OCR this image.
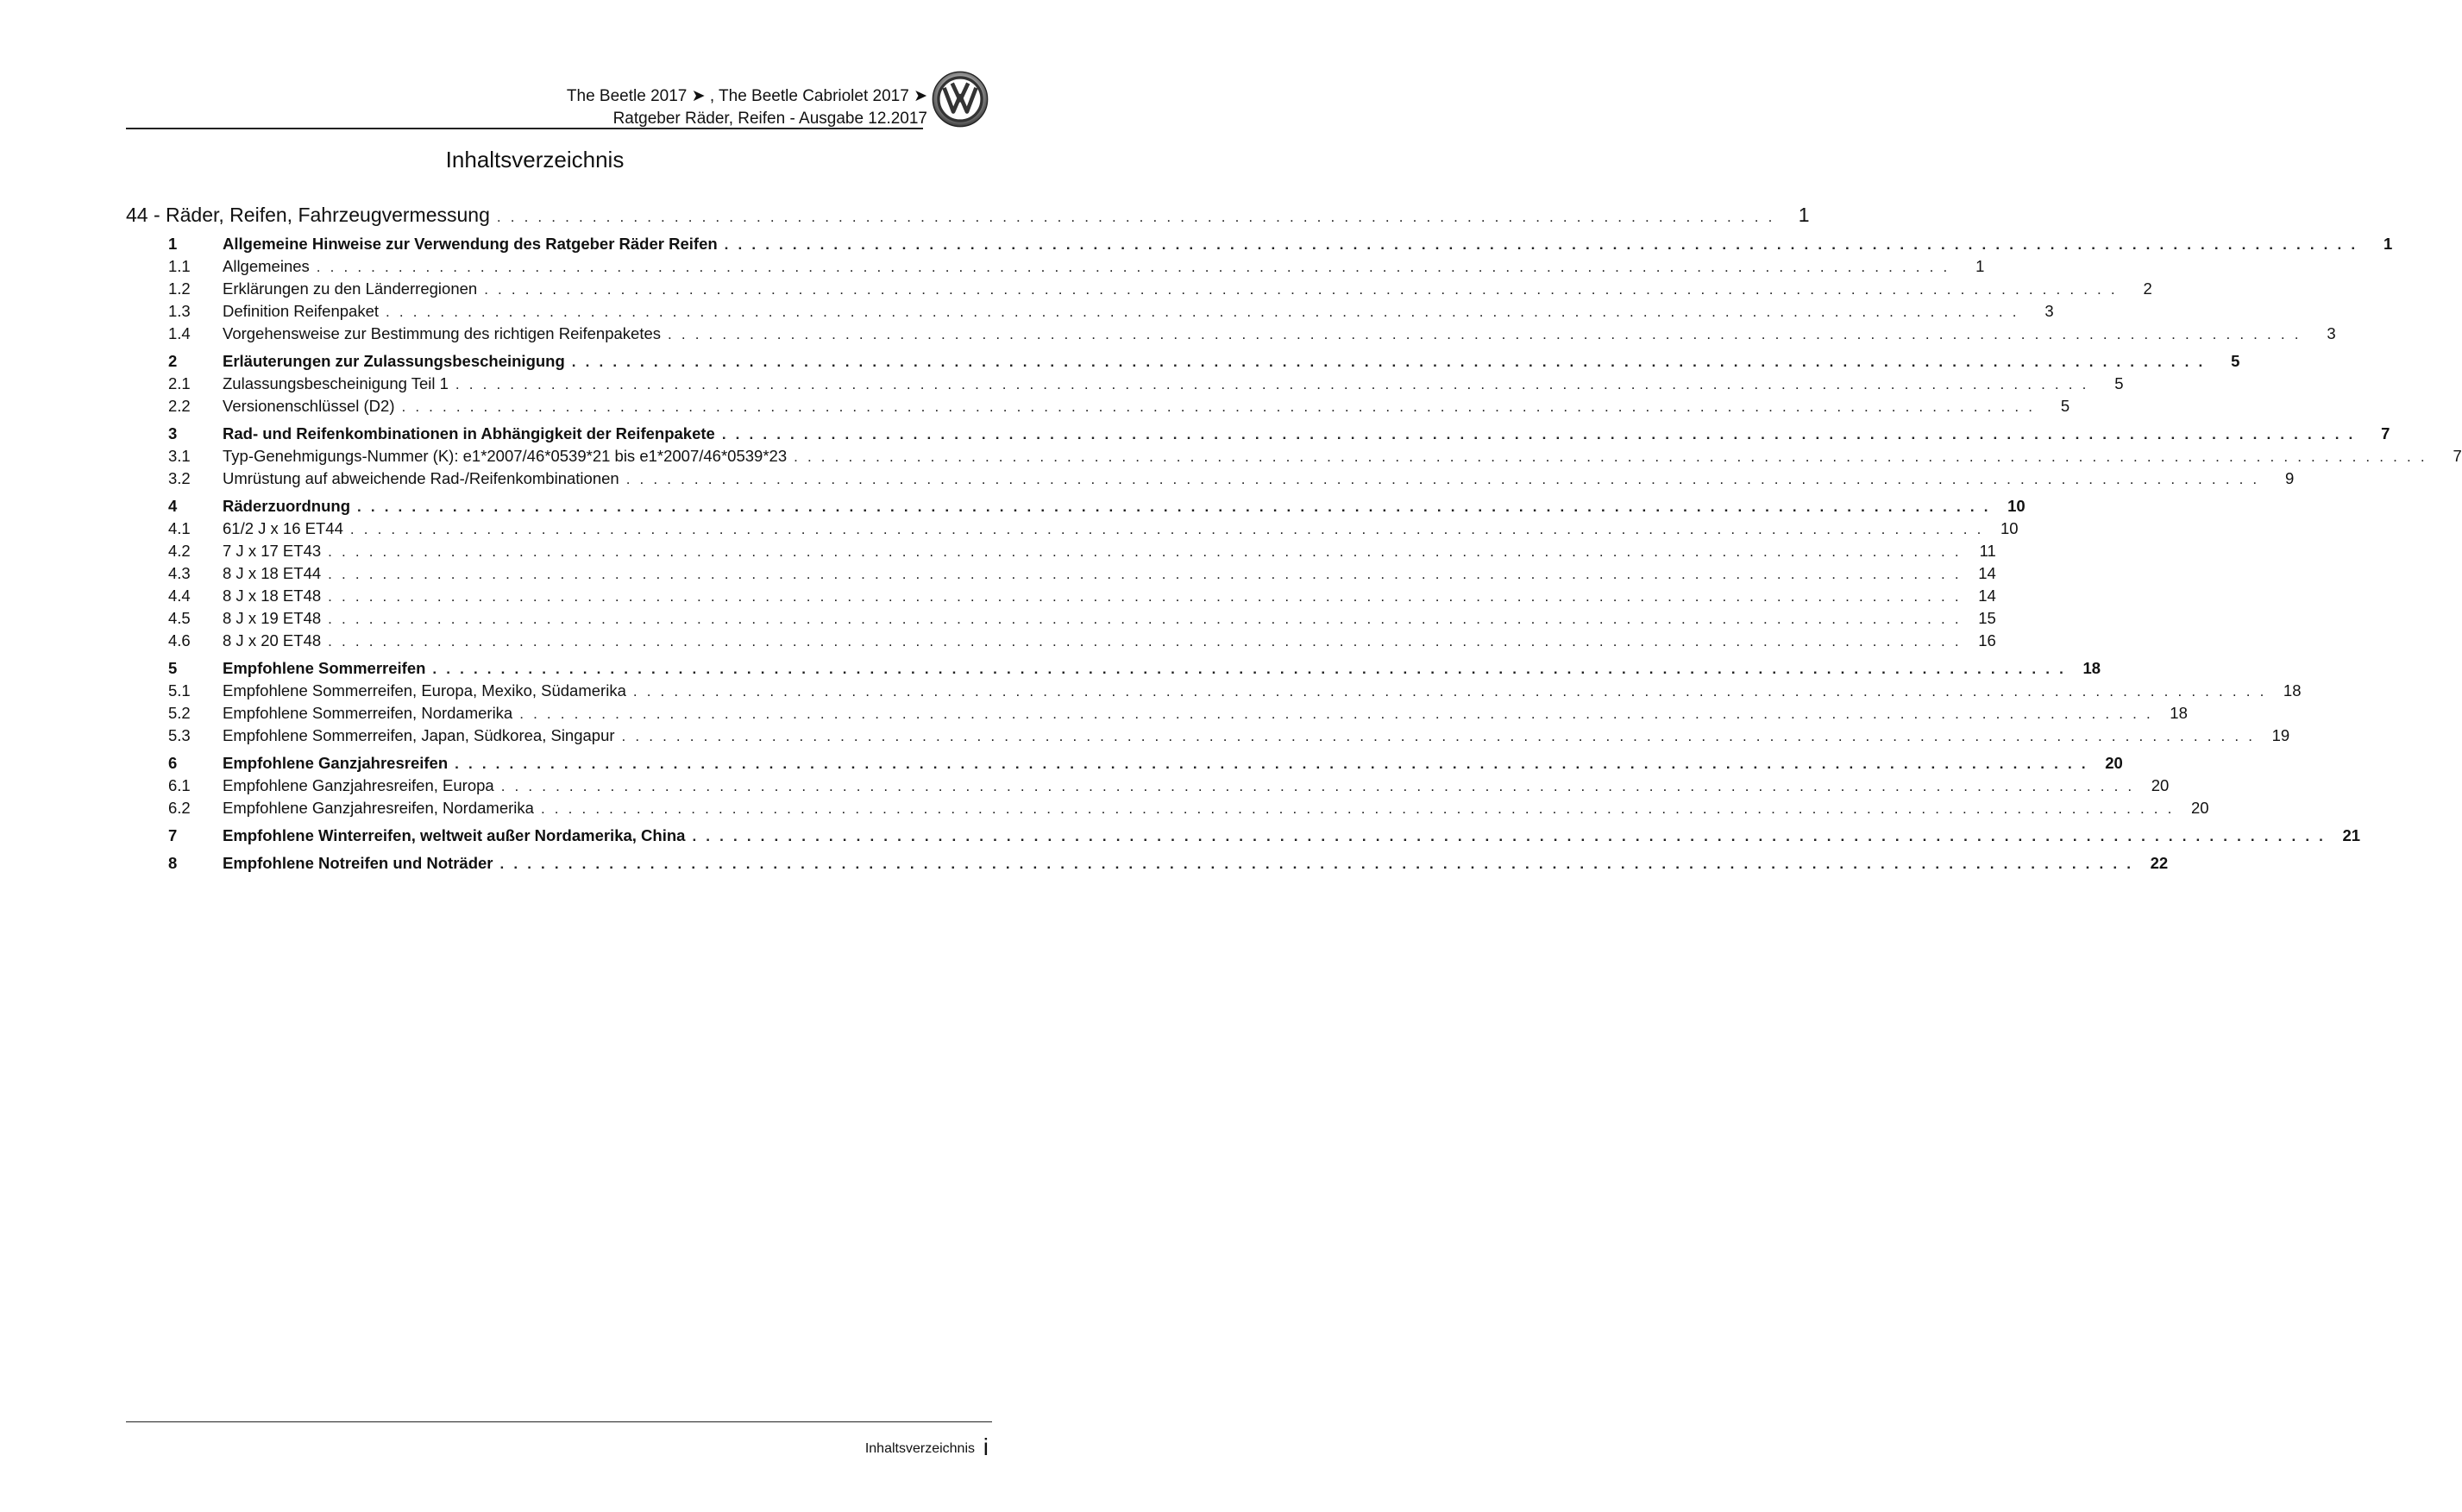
The Beetle 2017 ➤ , The Beetle Cabriolet 2017 ➤
Ratgeber Räder, Reifen - Ausgabe 12.2017
Inhaltsverzeichnis
44 - Räder, Reifen, Fahrzeugvermessung . . . . . . . . . . . . . . . . . . . . . . . . . . . . . . . . . . . . . . . . . . . . . . . . . . . . . . . . . . . . . . . . . . . . . . . . . . . . . . . . . . . . . . . . . . . . . .	1
1	Allgemeine Hinweise zur Verwendung des Ratgeber Räder Reifen . . . . . . . . . . . . . . . . . . . . . . . . . . . . . . . . . . . . . . . . . . . . . . . . . . . . . . . . . . . . . . . . . . . . . . . . . . . . . . . . . . . . . . . . . . . . . . . . . . . . . . . . . . . . . . . . . . . . . . . .	1
1.1	Allgemeines . . . . . . . . . . . . . . . . . . . . . . . . . . . . . . . . . . . . . . . . . . . . . . . . . . . . . . . . . . . . . . . . . . . . . . . . . . . . . . . . . . . . . . . . . . . . . . . . . . . . . . . . . . . . . . . . . . . . . . . .	1
1.2	Erklärungen zu den Länderregionen . . . . . . . . . . . . . . . . . . . . . . . . . . . . . . . . . . . . . . . . . . . . . . . . . . . . . . . . . . . . . . . . . . . . . . . . . . . . . . . . . . . . . . . . . . . . . . . . . . . . . . . . . . . . . . . . . . . . . . . .	2
1.3	Definition Reifenpaket . . . . . . . . . . . . . . . . . . . . . . . . . . . . . . . . . . . . . . . . . . . . . . . . . . . . . . . . . . . . . . . . . . . . . . . . . . . . . . . . . . . . . . . . . . . . . . . . . . . . . . . . . . . . . . . . . . . . . . . .	3
1.4	Vorgehensweise zur Bestimmung des richtigen Reifenpaketes . . . . . . . . . . . . . . . . . . . . . . . . . . . . . . . . . . . . . . . . . . . . . . . . . . . . . . . . . . . . . . . . . . . . . . . . . . . . . . . . . . . . . . . . . . . . . . . . . . . . . . . . . . . . . . . . . . . . . . . .	3
2	Erläuterungen zur Zulassungsbescheinigung . . . . . . . . . . . . . . . . . . . . . . . . . . . . . . . . . . . . . . . . . . . . . . . . . . . . . . . . . . . . . . . . . . . . . . . . . . . . . . . . . . . . . . . . . . . . . . . . . . . . . . . . . . . . . . . . . . . . . . . .	5
2.1	Zulassungsbescheinigung Teil 1 . . . . . . . . . . . . . . . . . . . . . . . . . . . . . . . . . . . . . . . . . . . . . . . . . . . . . . . . . . . . . . . . . . . . . . . . . . . . . . . . . . . . . . . . . . . . . . . . . . . . . . . . . . . . . . . . . . . . . . . .	5
2.2	Versionenschlüssel (D2) . . . . . . . . . . . . . . . . . . . . . . . . . . . . . . . . . . . . . . . . . . . . . . . . . . . . . . . . . . . . . . . . . . . . . . . . . . . . . . . . . . . . . . . . . . . . . . . . . . . . . . . . . . . . . . . . . . . . . . . .	5
3	Rad- und Reifenkombinationen in Abhängigkeit der Reifenpakete . . . . . . . . . . . . . . . . . . . . . . . . . . . . . . . . . . . . . . . . . . . . . . . . . . . . . . . . . . . . . . . . . . . . . . . . . . . . . . . . . . . . . . . . . . . . . . . . . . . . . . . . . . . . . . . . . . . . . . . .	7
3.1	Typ-Genehmigungs-Nummer (K): e1*2007/46*0539*21 bis e1*2007/46*0539*23 . . . . . . . . . . . . . . . . . . . . . . . . . . . . . . . . . . . . . . . . . . . . . . . . . . . . . . . . . . . . . . . . . . . . . . . . . . . . . . . . . . . . . . . . . . . . . . . . . . . . . . . . . . . . . . . . . . . . . . . .	7
3.2	Umrüstung auf abweichende Rad-/Reifenkombinationen . . . . . . . . . . . . . . . . . . . . . . . . . . . . . . . . . . . . . . . . . . . . . . . . . . . . . . . . . . . . . . . . . . . . . . . . . . . . . . . . . . . . . . . . . . . . . . . . . . . . . . . . . . . . . . . . . . . . . . . .	9
4	Räderzuordnung . . . . . . . . . . . . . . . . . . . . . . . . . . . . . . . . . . . . . . . . . . . . . . . . . . . . . . . . . . . . . . . . . . . . . . . . . . . . . . . . . . . . . . . . . . . . . . . . . . . . . . . . . . . . . . . . . . . . . . . .	10
4.1	61/2 J x 16 ET44 . . . . . . . . . . . . . . . . . . . . . . . . . . . . . . . . . . . . . . . . . . . . . . . . . . . . . . . . . . . . . . . . . . . . . . . . . . . . . . . . . . . . . . . . . . . . . . . . . . . . . . . . . . . . . . . . . . . . . . . .	10
4.2	7 J x 17 ET43 . . . . . . . . . . . . . . . . . . . . . . . . . . . . . . . . . . . . . . . . . . . . . . . . . . . . . . . . . . . . . . . . . . . . . . . . . . . . . . . . . . . . . . . . . . . . . . . . . . . . . . . . . . . . . . . . . . . . . . . .	11
4.3	8 J x 18 ET44 . . . . . . . . . . . . . . . . . . . . . . . . . . . . . . . . . . . . . . . . . . . . . . . . . . . . . . . . . . . . . . . . . . . . . . . . . . . . . . . . . . . . . . . . . . . . . . . . . . . . . . . . . . . . . . . . . . . . . . . .	14
4.4	8 J x 18 ET48 . . . . . . . . . . . . . . . . . . . . . . . . . . . . . . . . . . . . . . . . . . . . . . . . . . . . . . . . . . . . . . . . . . . . . . . . . . . . . . . . . . . . . . . . . . . . . . . . . . . . . . . . . . . . . . . . . . . . . . . .	14
4.5	8 J x 19 ET48 . . . . . . . . . . . . . . . . . . . . . . . . . . . . . . . . . . . . . . . . . . . . . . . . . . . . . . . . . . . . . . . . . . . . . . . . . . . . . . . . . . . . . . . . . . . . . . . . . . . . . . . . . . . . . . . . . . . . . . . .	15
4.6	8 J x 20 ET48 . . . . . . . . . . . . . . . . . . . . . . . . . . . . . . . . . . . . . . . . . . . . . . . . . . . . . . . . . . . . . . . . . . . . . . . . . . . . . . . . . . . . . . . . . . . . . . . . . . . . . . . . . . . . . . . . . . . . . . . .	16
5	Empfohlene Sommerreifen . . . . . . . . . . . . . . . . . . . . . . . . . . . . . . . . . . . . . . . . . . . . . . . . . . . . . . . . . . . . . . . . . . . . . . . . . . . . . . . . . . . . . . . . . . . . . . . . . . . . . . . . . . . . . . . . . . . . . . . .	18
5.1	Empfohlene Sommerreifen, Europa, Mexiko, Südamerika . . . . . . . . . . . . . . . . . . . . . . . . . . . . . . . . . . . . . . . . . . . . . . . . . . . . . . . . . . . . . . . . . . . . . . . . . . . . . . . . . . . . . . . . . . . . . . . . . . . . . . . . . . . . . . . . . . . . . . . .	18
5.2	Empfohlene Sommerreifen, Nordamerika . . . . . . . . . . . . . . . . . . . . . . . . . . . . . . . . . . . . . . . . . . . . . . . . . . . . . . . . . . . . . . . . . . . . . . . . . . . . . . . . . . . . . . . . . . . . . . . . . . . . . . . . . . . . . . . . . . . . . . . .	18
5.3	Empfohlene Sommerreifen, Japan, Südkorea, Singapur . . . . . . . . . . . . . . . . . . . . . . . . . . . . . . . . . . . . . . . . . . . . . . . . . . . . . . . . . . . . . . . . . . . . . . . . . . . . . . . . . . . . . . . . . . . . . . . . . . . . . . . . . . . . . . . . . . . . . . . .	19
6	Empfohlene Ganzjahresreifen . . . . . . . . . . . . . . . . . . . . . . . . . . . . . . . . . . . . . . . . . . . . . . . . . . . . . . . . . . . . . . . . . . . . . . . . . . . . . . . . . . . . . . . . . . . . . . . . . . . . . . . . . . . . . . . . . . . . . . . .	20
6.1	Empfohlene Ganzjahresreifen, Europa . . . . . . . . . . . . . . . . . . . . . . . . . . . . . . . . . . . . . . . . . . . . . . . . . . . . . . . . . . . . . . . . . . . . . . . . . . . . . . . . . . . . . . . . . . . . . . . . . . . . . . . . . . . . . . . . . . . . . . . .	20
6.2	Empfohlene Ganzjahresreifen, Nordamerika . . . . . . . . . . . . . . . . . . . . . . . . . . . . . . . . . . . . . . . . . . . . . . . . . . . . . . . . . . . . . . . . . . . . . . . . . . . . . . . . . . . . . . . . . . . . . . . . . . . . . . . . . . . . . . . . . . . . . . . .	20
7	Empfohlene Winterreifen, weltweit außer Nordamerika, China . . . . . . . . . . . . . . . . . . . . . . . . . . . . . . . . . . . . . . . . . . . . . . . . . . . . . . . . . . . . . . . . . . . . . . . . . . . . . . . . . . . . . . . . . . . . . . . . . . . . . . . . . . . . . . . . . . . . . . . .	21
8	Empfohlene Notreifen und Noträder . . . . . . . . . . . . . . . . . . . . . . . . . . . . . . . . . . . . . . . . . . . . . . . . . . . . . . . . . . . . . . . . . . . . . . . . . . . . . . . . . . . . . . . . . . . . . . . . . . . . . . . . . . . . . . . . . . . . . . . .	22
Inhaltsverzeichnis i
